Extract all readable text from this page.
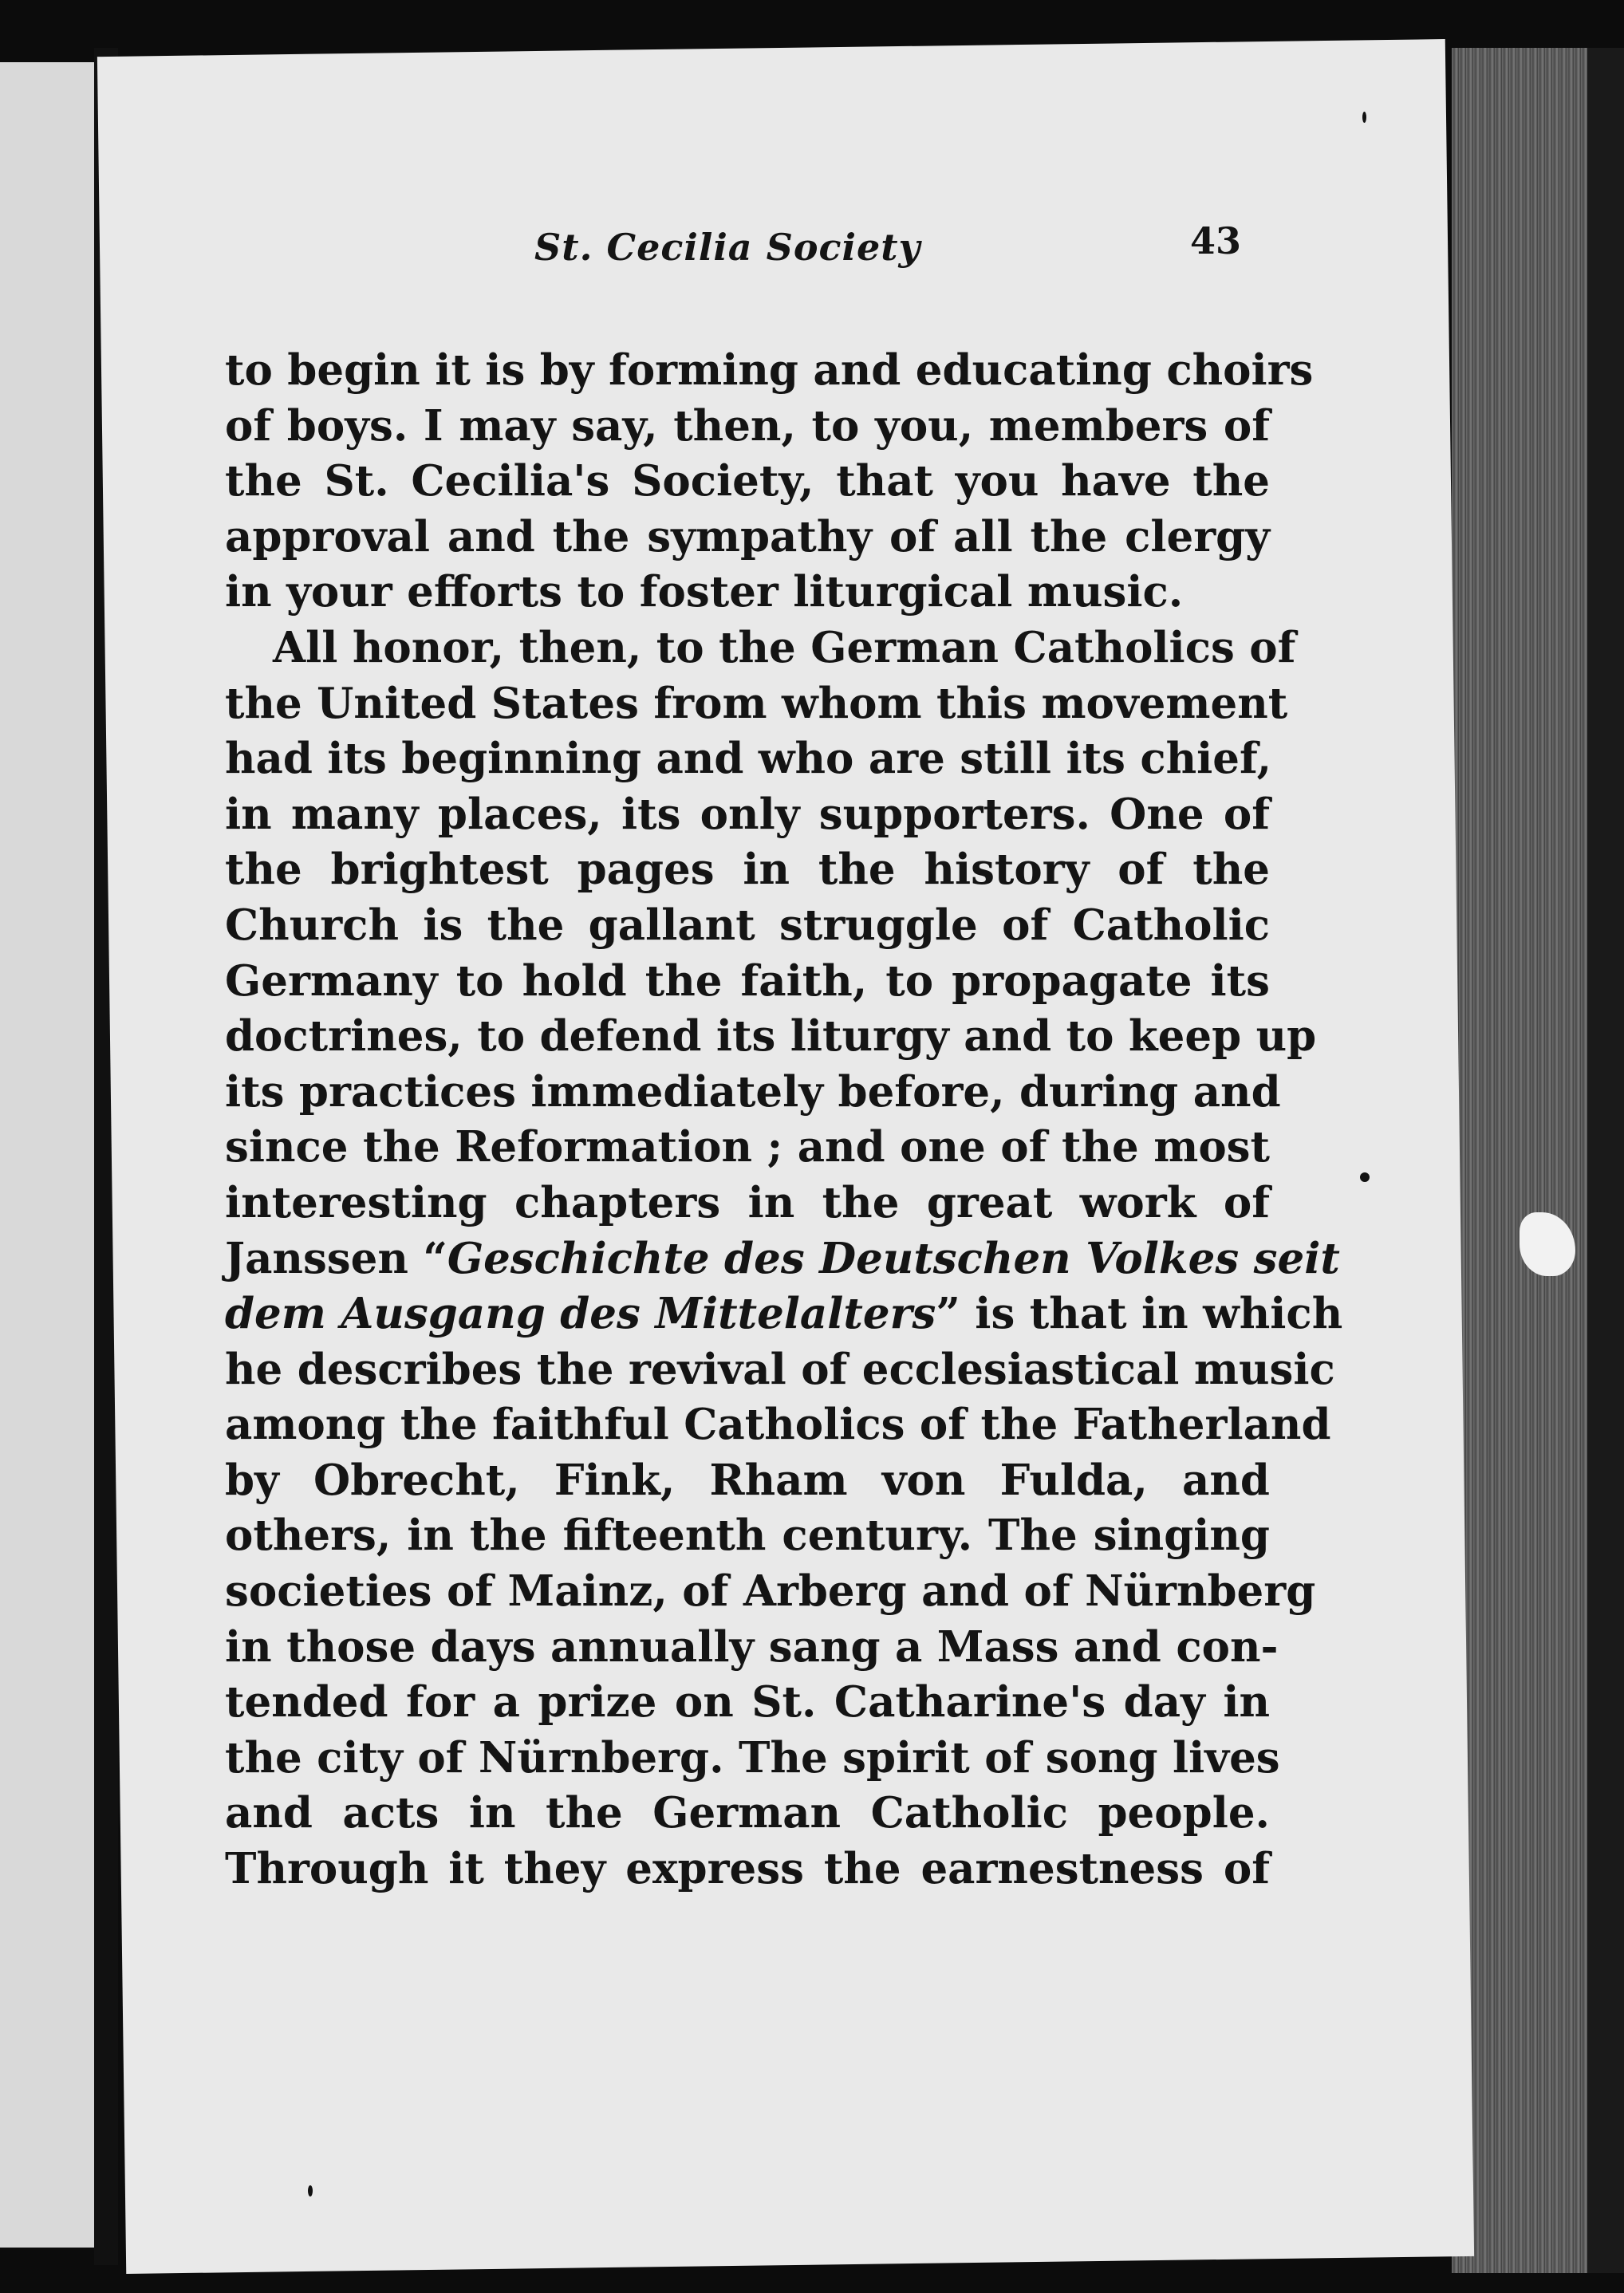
St. Cecilia Society	43
to begin it is by forming and educating choirs
of boys. I may say, then, to you, members of
the St. Cecilia's Society, that you have the
approval and the sympathy of all the clergy
in your efforts to foster liturgical music.
All honor, then, to the German Catholics of
the United States from whom this movement
had its beginning and who are still its chief,
in many places, its only supporters. One of
the brightest pages in the history of the
Church is the gallant struggle of Catholic
Germany to hold the faith, to propagate its
doctrines, to defend its liturgy and to keep up
its practices immediately before, during and
since the Reformation ; and one of the most
interesting chapters in the great work of
Janssen “Geschichte des Deutschen Volkes seit
dem Ausgang des Mittelalters” is that in which
he describes the revival of ecclesiastical music
among the faithful Catholics of the Fatherland
by Obrecht, Fink, Rham von Fulda, and
others, in the fifteenth century. The singing
societies of Mainz, of Arberg and of Nürnberg
in those days annually sang a Mass and con-
tended for a prize on St. Catharine's day in
the city of Nürnberg. The spirit of song lives
and acts in the German Catholic people.
Through it they express the earnestness of
